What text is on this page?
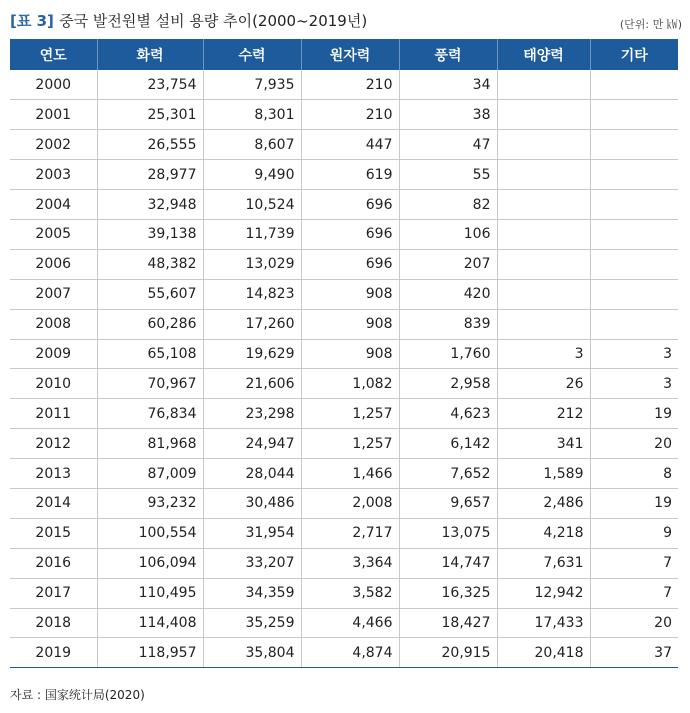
[표 3] 중국 발전원별 설비 용량 추이(2000~2019년)	(단위: 만 ㎾)
연도	화력	수력	원자력	풍력	태양력	기타
2000	23,754	7,935	210	34		
2001	25,301	8,301	210	38		
2002	26,555	8,607	447	47		
2003	28,977	9,490	619	55		
2004	32,948	10,524	696	82		
2005	39,138	11,739	696	106		
2006	48,382	13,029	696	207		
2007	55,607	14,823	908	420		
2008	60,286	17,260	908	839		
2009	65,108	19,629	908	1,760	3	3
2010	70,967	21,606	1,082	2,958	26	3
2011	76,834	23,298	1,257	4,623	212	19
2012	81,968	24,947	1,257	6,142	341	20
2013	87,009	28,044	1,466	7,652	1,589	8
2014	93,232	30,486	2,008	9,657	2,486	19
2015	100,554	31,954	2,717	13,075	4,218	9
2016	106,094	33,207	3,364	14,747	7,631	7
2017	110,495	34,359	3,582	16,325	12,942	7
2018	114,408	35,259	4,466	18,427	17,433	20
2019	118,957	35,804	4,874	20,915	20,418	37
자료 : 国家统计局(2020)
